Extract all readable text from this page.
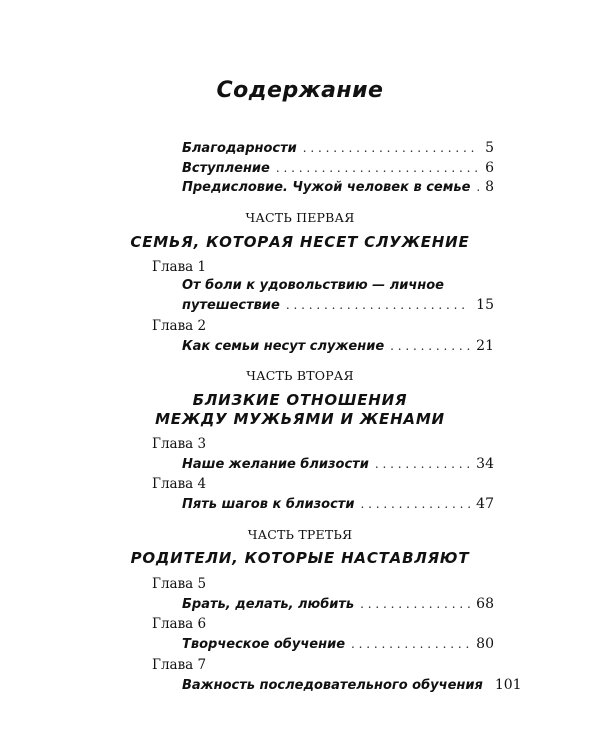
Содержание
Благодарности . . .	5
Вступление . . .	6
Предисловие. Чужой человек в семье . . . 8
ЧАСТЬ ПЕРВАЯ
СЕМЬЯ, КОТОРАЯ НЕСЕТ СЛУЖЕНИЕ
Глава 1
От боли к удовольствию — личное
путешествие . . .	15
Глава 2
Как семьи несут служение . . .	21
ЧАСТЬ ВТОРАЯ
БЛИЗКИЕ ОТНОШЕНИЯ
МЕЖДУ МУЖЬЯМИ И ЖЕНАМИ
Глава 3
Наше желание близости . . .	34
Глава 4
Пять шагов к близости . . .	47
ЧАСТЬ ТРЕТЬЯ
РОДИТЕЛИ, КОТОРЫЕ НАСТАВЛЯЮТ
Глава 5
Брать, делать, любить . . .	68
Глава 6
Творческое обучение . . .	80
Глава 7
Важность последовательного обучения 101
